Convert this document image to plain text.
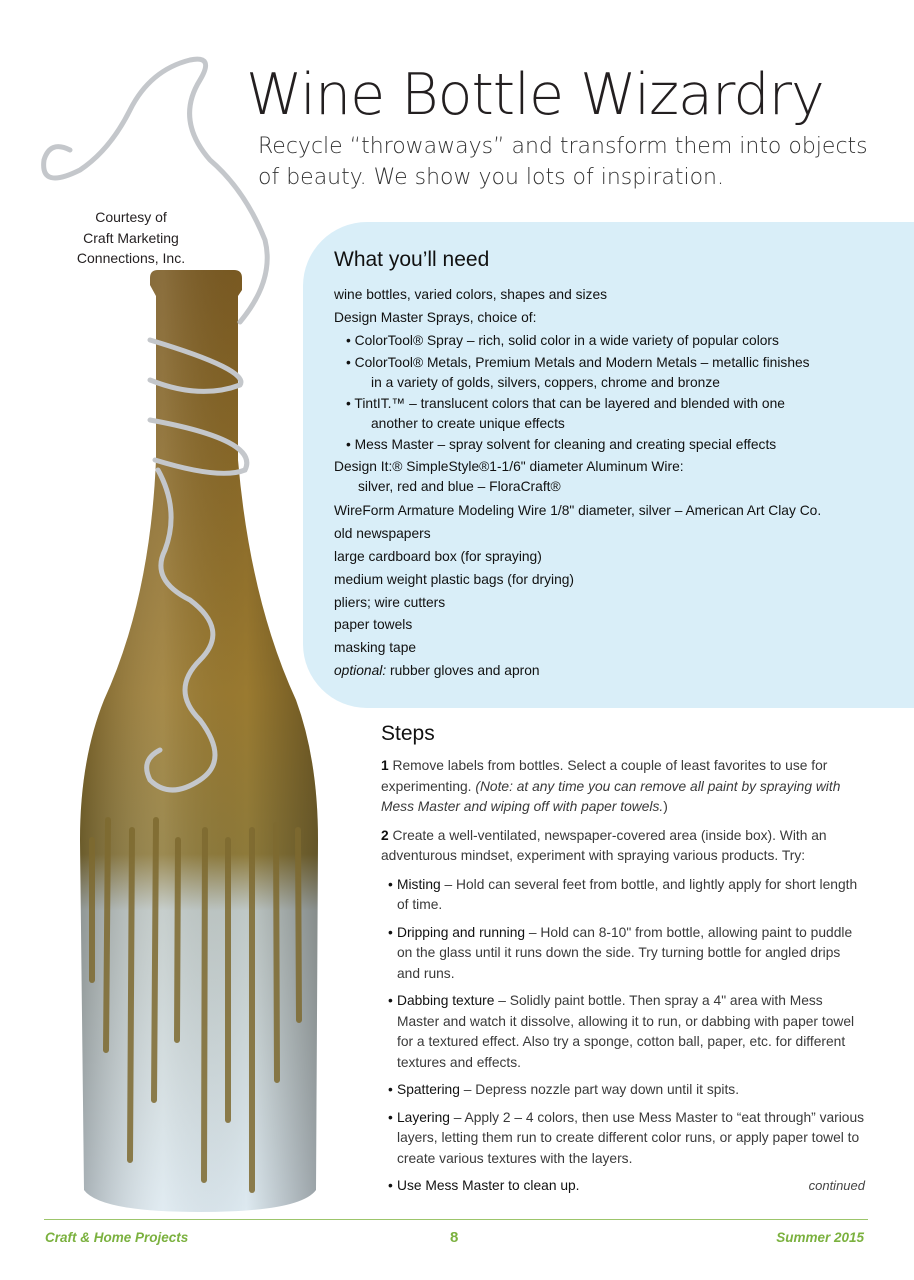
Wine Bottle Wizardry
Recycle “throwaways” and transform them into objects of beauty. We show you lots of inspiration.
Courtesy of
Craft Marketing
Connections, Inc.	What you’ll need
wine bottles, varied colors, shapes and sizes
Design Master Sprays, choice of:
• ColorTool® Spray – rich, solid color in a wide variety of popular colors
• ColorTool® Metals, Premium Metals and Modern Metals – metallic finishes
in a variety of golds, silvers, coppers, chrome and bronze
• TintIT.™ – translucent colors that can be layered and blended with one
another to create unique effects
• Mess Master – spray solvent for cleaning and creating special effects
Design It:® SimpleStyle®1-1/6" diameter Aluminum Wire:
silver, red and blue – FloraCraft®
WireForm Armature Modeling Wire 1/8" diameter, silver – American Art Clay Co.
old newspapers
large cardboard box (for spraying)
medium weight plastic bags (for drying)
pliers; wire cutters
paper towels
masking tape
optional: rubber gloves and apron
Steps

1 Remove labels from bottles. Select a couple of least favorites to use for experimenting. (Note: at any time you can remove all paint by spraying with Mess Master and wiping off with paper towels.)

2 Create a well-ventilated, newspaper-covered area (inside box). With an adventurous mindset, experiment with spraying various products. Try:

• Misting – Hold can several feet from bottle, and lightly apply for short length of time.
• Dripping and running – Hold can 8-10" from bottle, allowing paint to puddle on the glass until it runs down the side. Try turning bottle for angled drips and runs.
• Dabbing texture – Solidly paint bottle. Then spray a 4" area with Mess Master and watch it dissolve, allowing it to run, or dabbing with paper towel for a textured effect. Also try a sponge, cotton ball, paper, etc. for different textures and effects.
• Spattering – Depress nozzle part way down until it spits.
• Layering – Apply 2 – 4 colors, then use Mess Master to “eat through” various layers, letting them run to create different color runs, or apply paper towel to create various textures with the layers.
• Use Mess Master to clean up.	continued
Craft & Home Projects	8	Summer 2015
